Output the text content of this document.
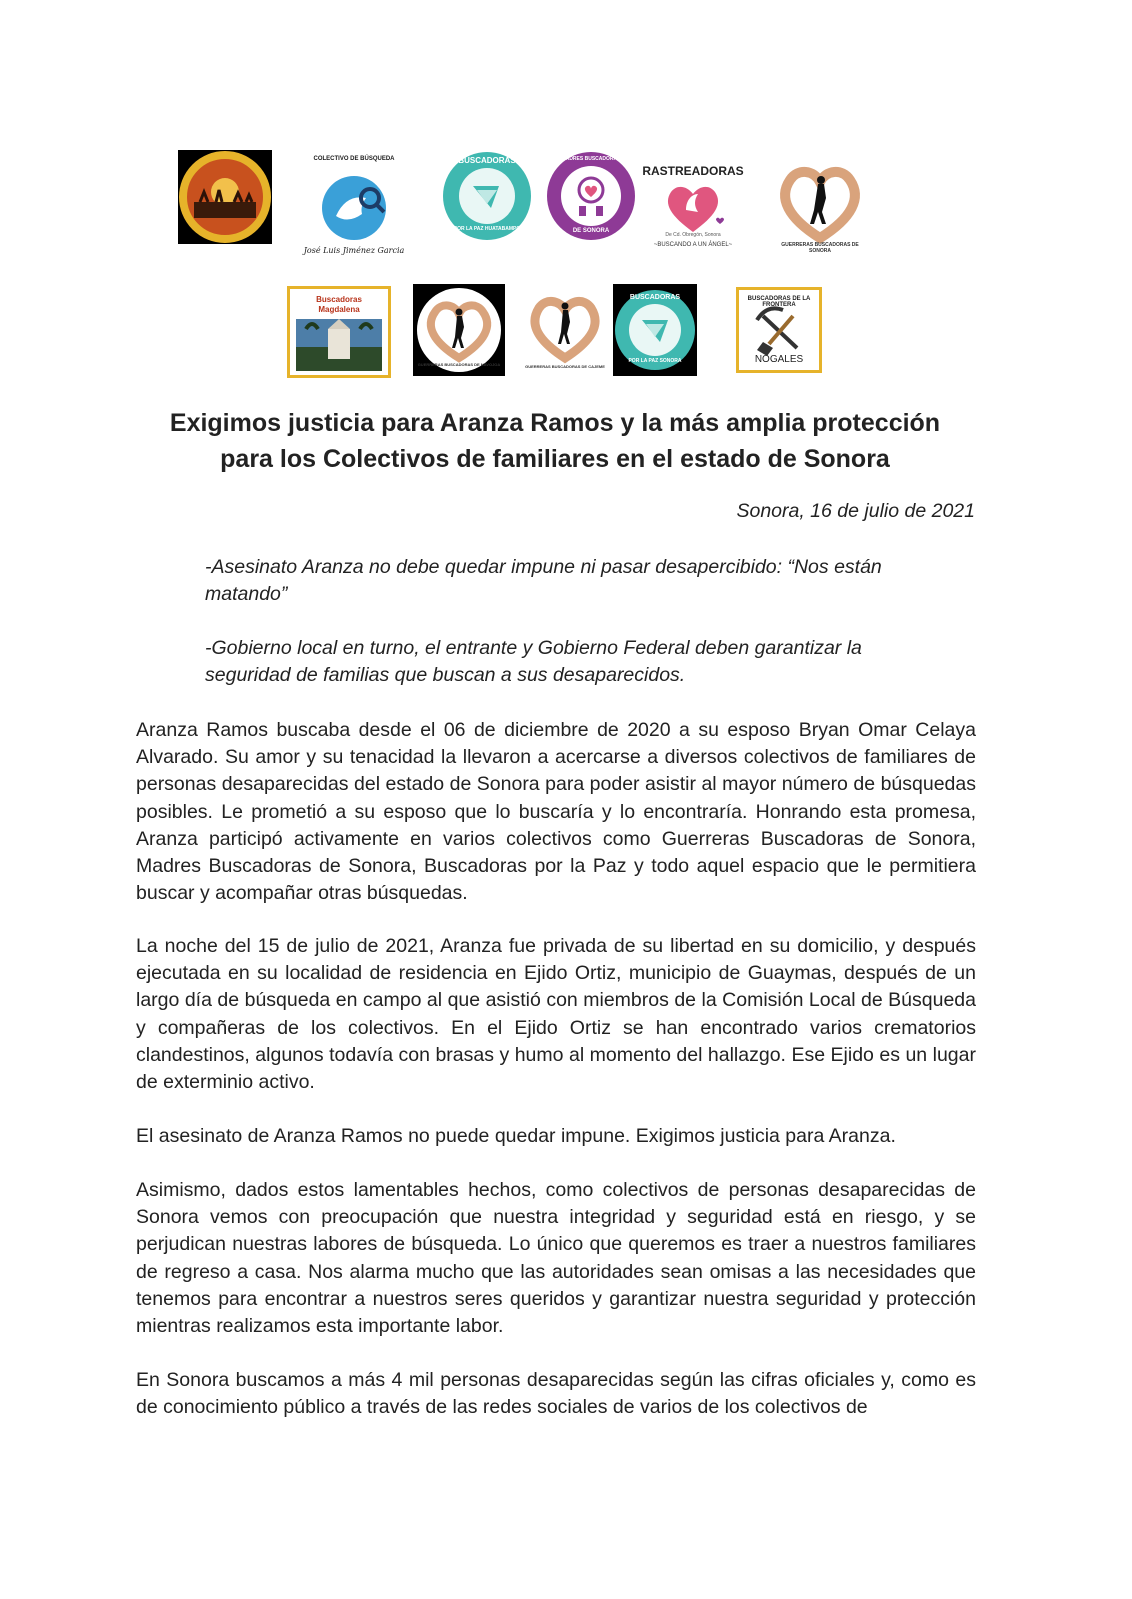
COLECTIVO DE BÚSQUEDA
José Luis Jiménez Garcia
BUSCADORAS
POR LA PAZ HUATABAMPO
MADRES BUSCADORAS
DE SONORA
RASTREADORAS
De Cd. Obregón, Sonora
~BUSCANDO A UN ÁNGEL~	GUERRERAS BUSCADORAS DE SONORA
Buscadoras Magdalena
GUERRERAS BUSCADORAS DE NAVOJOA	GUERRERAS BUSCADORAS DE CAJEME
BUSCADORAS
POR LA PAZ SONORA
BUSCADORAS DE LA FRONTERA
NOGALES
Exigimos justicia para Aranza Ramos y la más amplia protección
para los Colectivos de familiares en el estado de Sonora
Sonora, 16 de julio de 2021

-Asesinato Aranza no debe quedar impune ni pasar desapercibido: “Nos están matando”

-Gobierno local en turno, el entrante y Gobierno Federal deben garantizar la seguridad de familias que buscan a sus desaparecidos.

Aranza Ramos buscaba desde el 06 de diciembre de 2020 a su esposo Bryan Omar Celaya Alvarado. Su amor y su tenacidad la llevaron a acercarse a diversos colectivos de familiares de personas desaparecidas del estado de Sonora para poder asistir al mayor número de búsquedas posibles. Le prometió a su esposo que lo buscaría y lo encontraría. Honrando esta promesa, Aranza participó activamente en varios colectivos como Guerreras Buscadoras de Sonora, Madres Buscadoras de Sonora, Buscadoras por la Paz y todo aquel espacio que le permitiera buscar y acompañar otras búsquedas.

La noche del 15 de julio de 2021, Aranza fue privada de su libertad en su domicilio, y después ejecutada en su localidad de residencia en Ejido Ortiz, municipio de Guaymas, después de un largo día de búsqueda en campo al que asistió con miembros de la Comisión Local de Búsqueda y compañeras de los colectivos. En el Ejido Ortiz se han encontrado varios crematorios clandestinos, algunos todavía con brasas y humo al momento del hallazgo. Ese Ejido es un lugar de exterminio activo.

El asesinato de Aranza Ramos no puede quedar impune. Exigimos justicia para Aranza.

Asimismo, dados estos lamentables hechos, como colectivos de personas desaparecidas de Sonora vemos con preocupación que nuestra integridad y seguridad está en riesgo, y se perjudican nuestras labores de búsqueda. Lo único que queremos es traer a nuestros familiares de regreso a casa. Nos alarma mucho que las autoridades sean omisas a las necesidades que tenemos para encontrar a nuestros seres queridos y garantizar nuestra seguridad y protección mientras realizamos esta importante labor.

En Sonora buscamos a más 4 mil personas desaparecidas según las cifras oficiales y, como es de conocimiento público a través de las redes sociales de varios de los colectivos de
